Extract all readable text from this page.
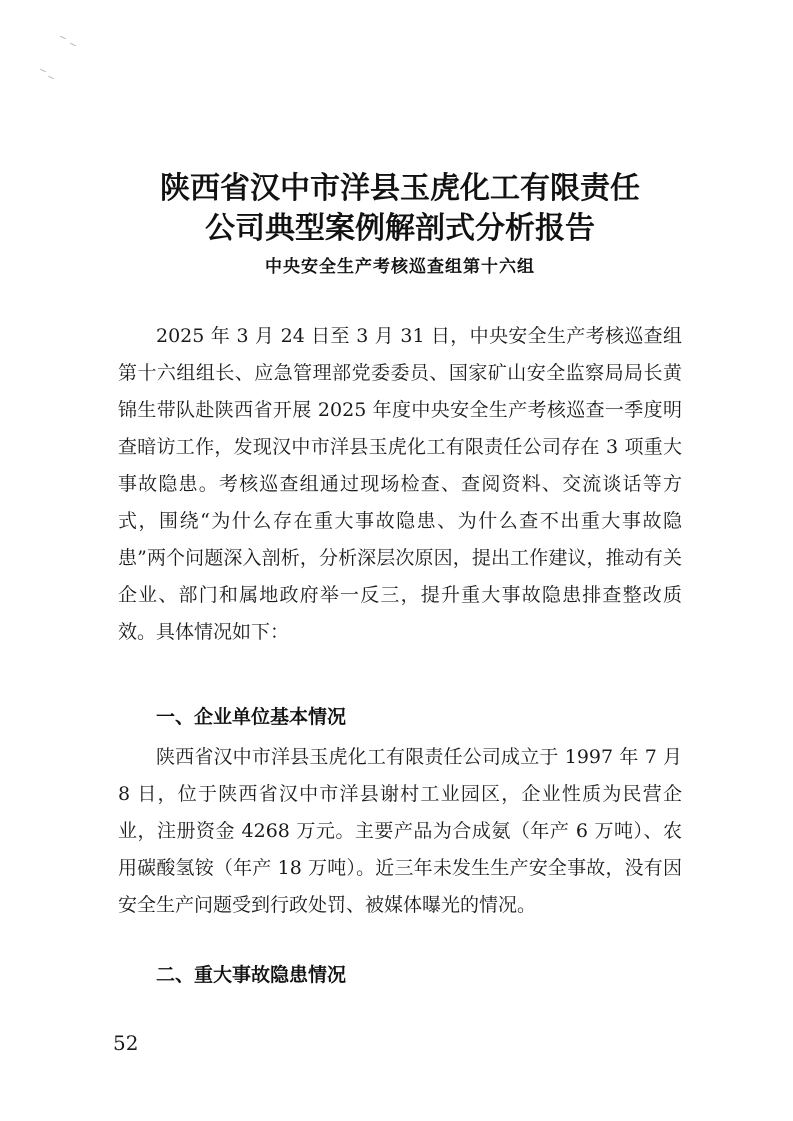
陕西省汉中市洋县玉虎化工有限责任
公司典型案例解剖式分析报告
中央安全生产考核巡查组第十六组
2025 年 3 月 24 日至 3 月 31 日，中央安全生产考核巡查组第十六组组长、应急管理部党委委员、国家矿山安全监察局局长黄锦生带队赴陕西省开展 2025 年度中央安全生产考核巡查一季度明查暗访工作，发现汉中市洋县玉虎化工有限责任公司存在 3 项重大事故隐患。考核巡查组通过现场检查、查阅资料、交流谈话等方式，围绕“为什么存在重大事故隐患、为什么查不出重大事故隐患”两个问题深入剖析，分析深层次原因，提出工作建议，推动有关企业、部门和属地政府举一反三，提升重大事故隐患排查整改质效。具体情况如下：
一、企业单位基本情况
陕西省汉中市洋县玉虎化工有限责任公司成立于 1997 年 7 月 8 日，位于陕西省汉中市洋县谢村工业园区，企业性质为民营企业，注册资金 4268 万元。主要产品为合成氨（年产 6 万吨）、农用碳酸氢铵（年产 18 万吨）。近三年未发生生产安全事故，没有因安全生产问题受到行政处罚、被媒体曝光的情况。
二、重大事故隐患情况
52
